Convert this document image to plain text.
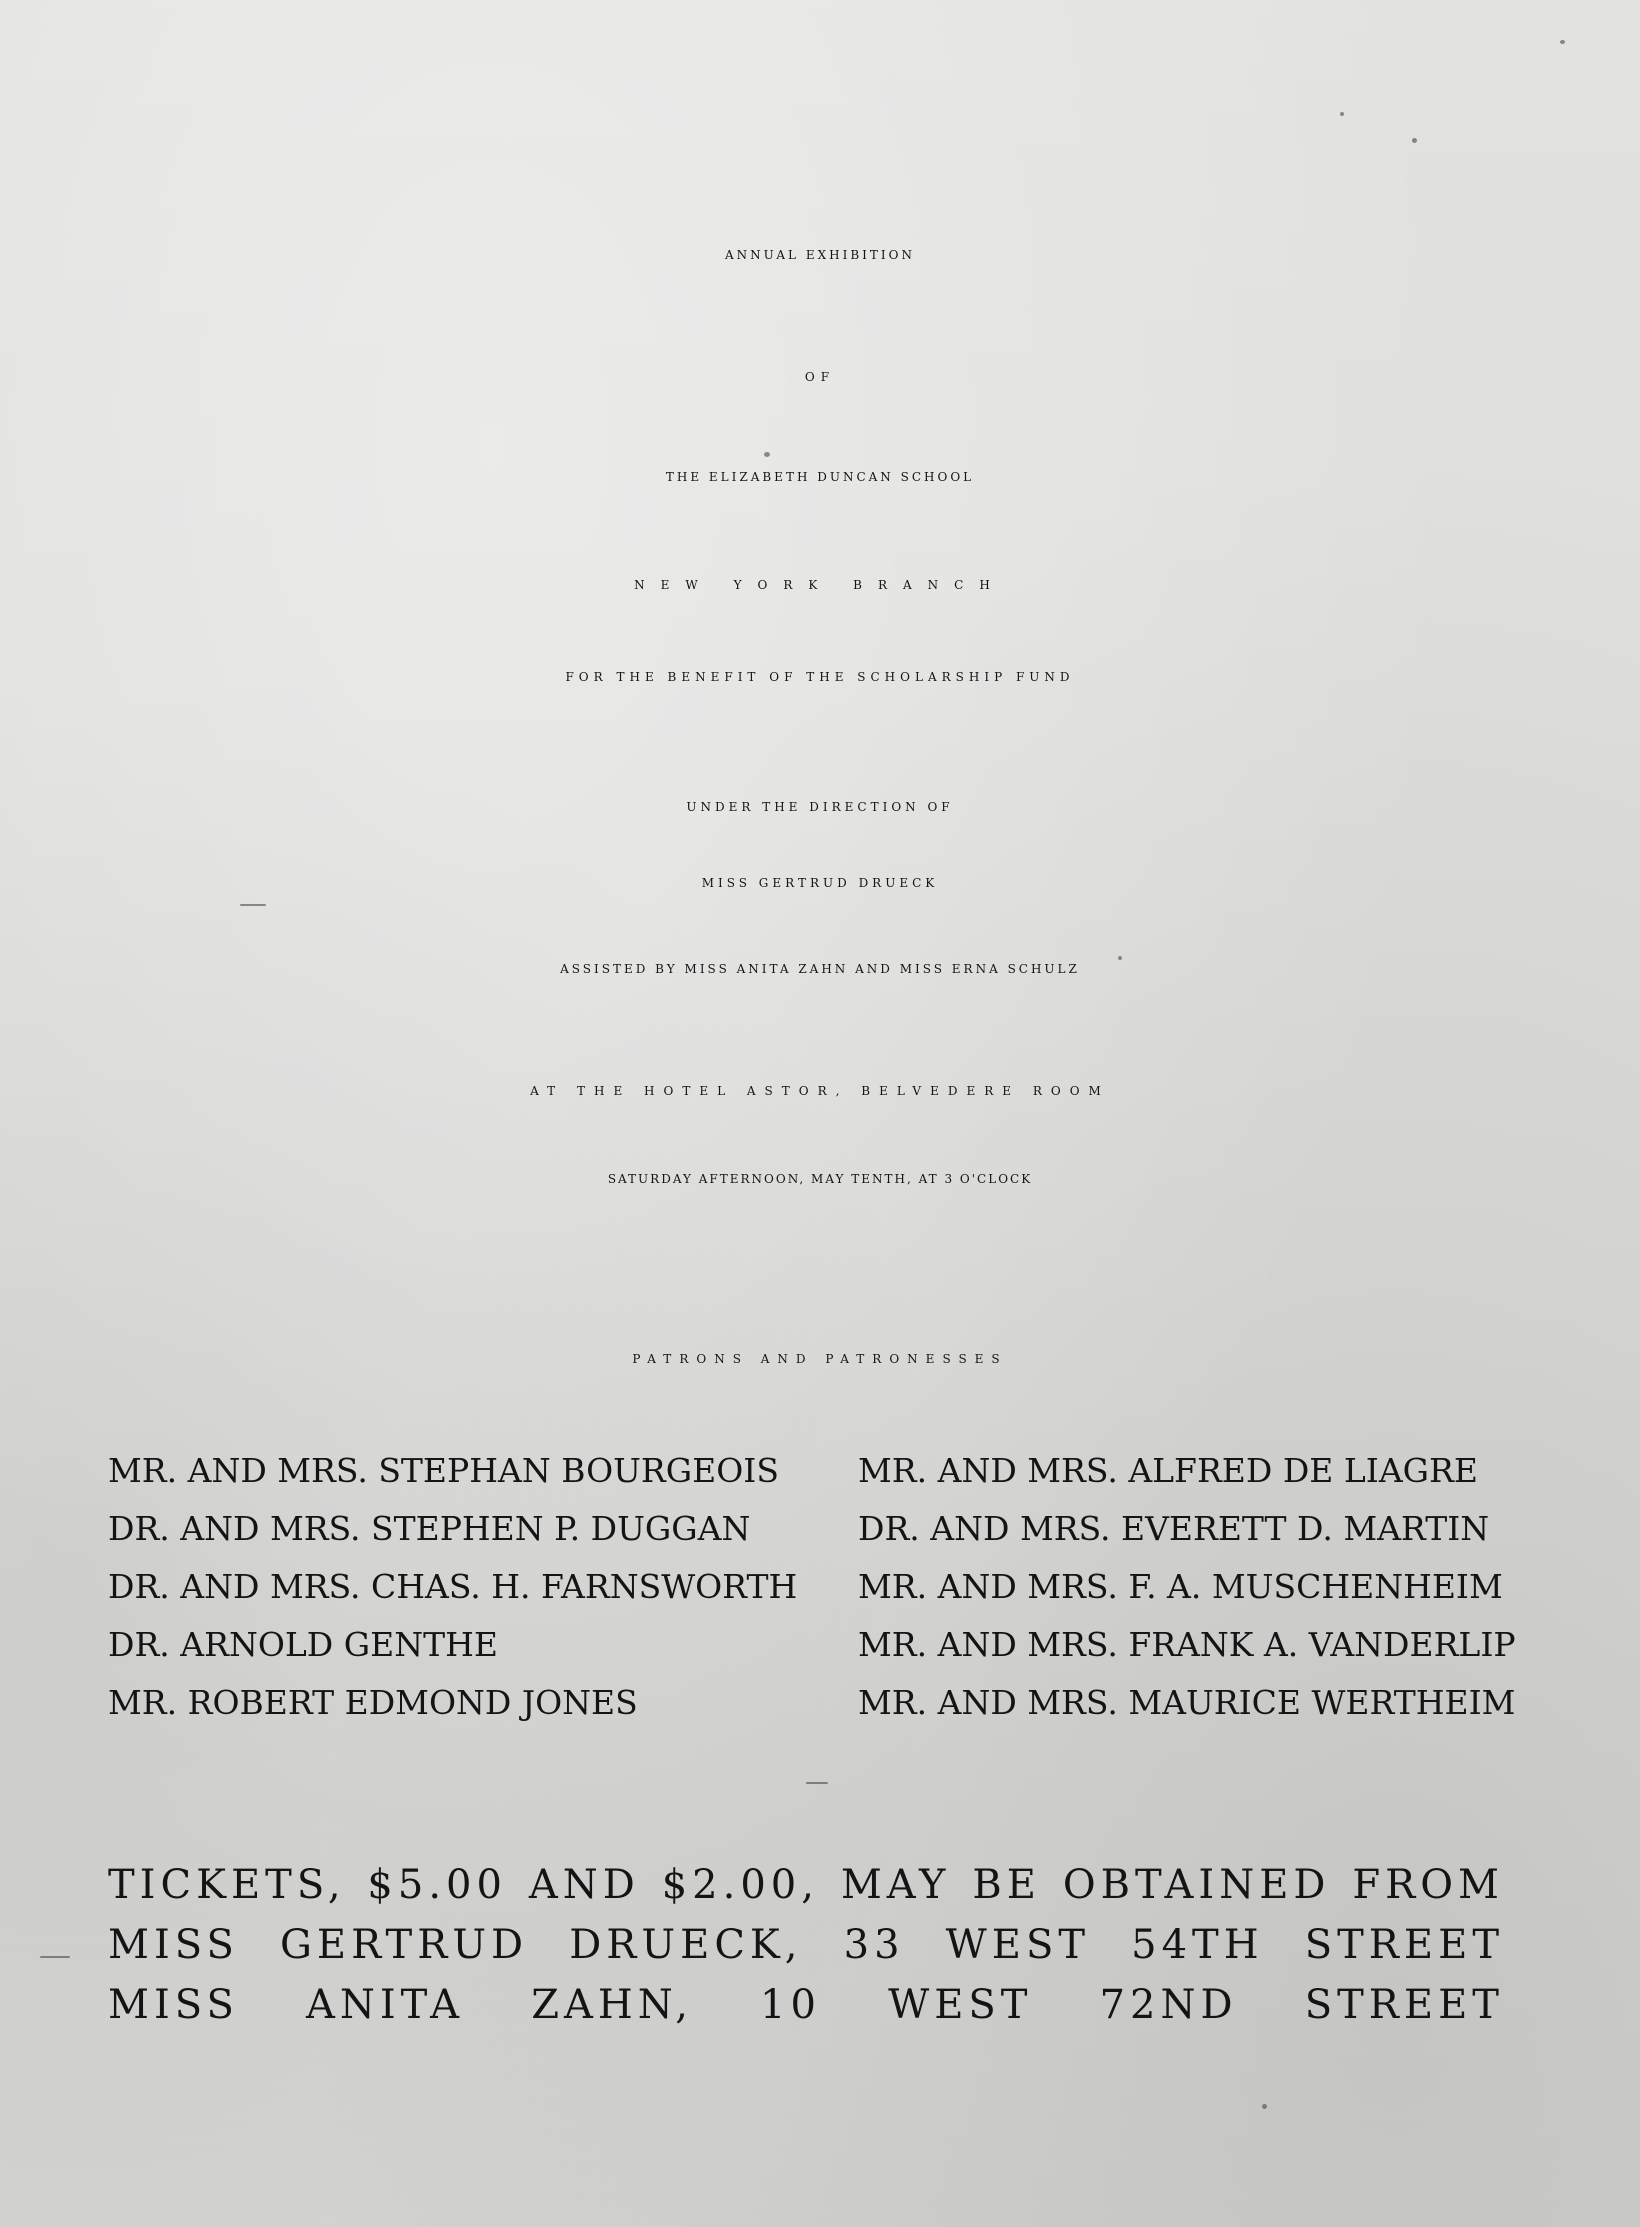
ANNUAL EXHIBITION
OF
THE ELIZABETH DUNCAN SCHOOL
NEW YORK BRANCH
FOR THE BENEFIT OF THE SCHOLARSHIP FUND
UNDER THE DIRECTION OF
MISS GERTRUD DRUECK
ASSISTED BY MISS ANITA ZAHN AND MISS ERNA SCHULZ
AT THE HOTEL ASTOR, BELVEDERE ROOM
SATURDAY AFTERNOON, MAY TENTH, AT 3 O'CLOCK
PATRONS AND PATRONESSES
MR. AND MRS. STEPHAN BOURGEOIS
DR. AND MRS. STEPHEN P. DUGGAN
DR. AND MRS. CHAS. H. FARNSWORTH
DR. ARNOLD GENTHE
MR. ROBERT EDMOND JONES
MR. AND MRS. ALFRED DE LIAGRE
DR. AND MRS. EVERETT D. MARTIN
MR. AND MRS. F. A. MUSCHENHEIM
MR. AND MRS. FRANK A. VANDERLIP
MR. AND MRS. MAURICE WERTHEIM
TICKETS, $5.00 AND $2.00, MAY BE OBTAINED FROM
MISS GERTRUD DRUECK, 33 WEST 54TH STREET
MISS ANITA ZAHN, 10 WEST 72ND STREET
